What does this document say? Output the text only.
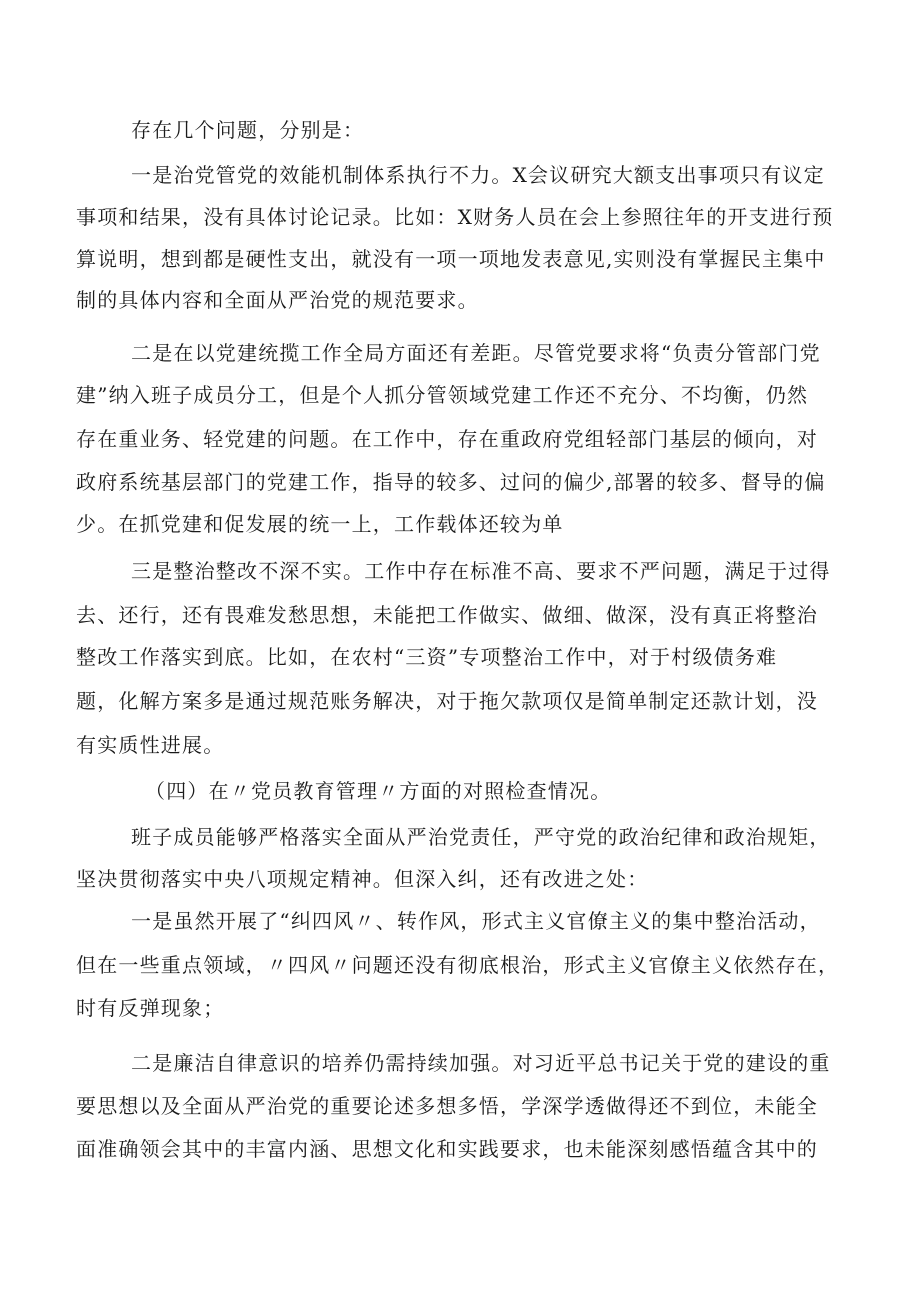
存在几个问题，分别是：
一是治党管党的效能机制体系执行不力。X会议研究大额支出事项只有议定
事项和结果，没有具体讨论记录。比如：X财务人员在会上参照往年的开支进行预
算说明，想到都是硬性支出，就没有一项一项地发表意见,实则没有掌握民主集中
制的具体内容和全面从严治党的规范要求。
二是在以党建统揽工作全局方面还有差距。尽管党要求将“负责分管部门党
建”纳入班子成员分工，但是个人抓分管领域党建工作还不充分、不均衡，仍然
存在重业务、轻党建的问题。在工作中，存在重政府党组轻部门基层的倾向，对
政府系统基层部门的党建工作，指导的较多、过问的偏少,部署的较多、督导的偏
少。在抓党建和促发展的统一上，工作载体还较为单
三是整治整改不深不实。工作中存在标准不高、要求不严问题，满足于过得
去、还行，还有畏难发愁思想，未能把工作做实、做细、做深，没有真正将整治
整改工作落实到底。比如，在农村“三资”专项整治工作中，对于村级债务难
题，化解方案多是通过规范账务解决，对于拖欠款项仅是简单制定还款计划，没
有实质性进展。
（四）在〃党员教育管理〃方面的对照检查情况。
班子成员能够严格落实全面从严治党责任，严守党的政治纪律和政治规矩，
坚决贯彻落实中央八项规定精神。但深入纠，还有改进之处：
一是虽然开展了“纠四风〃、转作风，形式主义官僚主义的集中整治活动，
但在一些重点领域，〃四风〃问题还没有彻底根治，形式主义官僚主义依然存在，
时有反弹现象；
二是廉洁自律意识的培养仍需持续加强。对习近平总书记关于党的建设的重
要思想以及全面从严治党的重要论述多想多悟，学深学透做得还不到位，未能全
面准确领会其中的丰富内涵、思想文化和实践要求，也未能深刻感悟蕴含其中的
